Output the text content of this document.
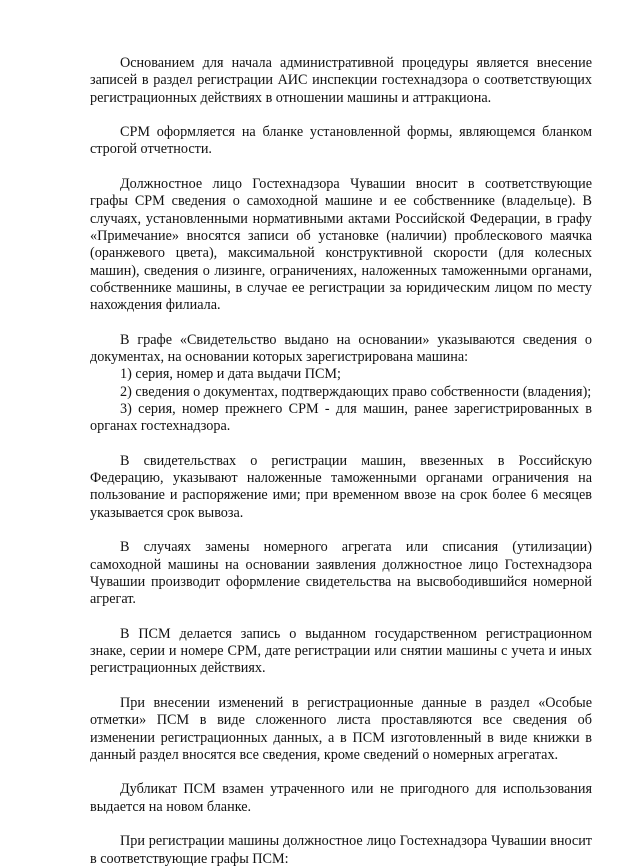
Основанием для начала административной процедуры является внесение записей в раздел регистрации АИС инспекции гостехнадзора о соответствующих регистрационных действиях в отношении машины и аттракциона.

СРМ оформляется на бланке установленной формы, являющемся бланком строгой отчетности.

Должностное лицо Гостехнадзора Чувашии вносит в соответствующие графы СРМ сведения о самоходной машине и ее собственнике (владельце). В случаях, установленными нормативными актами Российской Федерации, в графу «Примечание» вносятся записи об установке (наличии) проблескового маячка (оранжевого цвета), максимальной конструктивной скорости (для колесных машин), сведения о лизинге, ограничениях, наложенных таможенными органами, собственнике машины, в случае ее регистрации за юридическим лицом по месту нахождения филиала.

В графе «Свидетельство выдано на основании» указываются сведения о документах, на основании которых зарегистрирована машина:

1) серия, номер и дата выдачи ПСМ;

2) сведения о документах, подтверждающих право собственности (владения);

3) серия, номер прежнего СРМ - для машин, ранее зарегистрированных в органах гостехнадзора.

В свидетельствах о регистрации машин, ввезенных в Российскую Федерацию, указывают наложенные таможенными органами ограничения на пользование и распоряжение ими; при временном ввозе на срок более 6 месяцев указывается срок вывоза.

В случаях замены номерного агрегата или списания (утилизации) самоходной машины на основании заявления должностное лицо Гостехнадзора Чувашии производит оформление свидетельства на высвободившийся номерной агрегат.

В ПСМ делается запись о выданном государственном регистрационном знаке, серии и номере СРМ, дате регистрации или снятии машины с учета и иных регистрационных действиях.

При внесении изменений в регистрационные данные в раздел «Особые отметки» ПСМ в виде сложенного листа проставляются все сведения об изменении регистрационных данных, а в ПСМ изготовленный в виде книжки в данный раздел вносятся все сведения, кроме сведений о номерных агрегатах.

Дубликат ПСМ взамен утраченного или не пригодного для использования выдается на новом бланке.

При регистрации машины должностное лицо Гостехнадзора Чувашии вносит в соответствующие графы ПСМ:
